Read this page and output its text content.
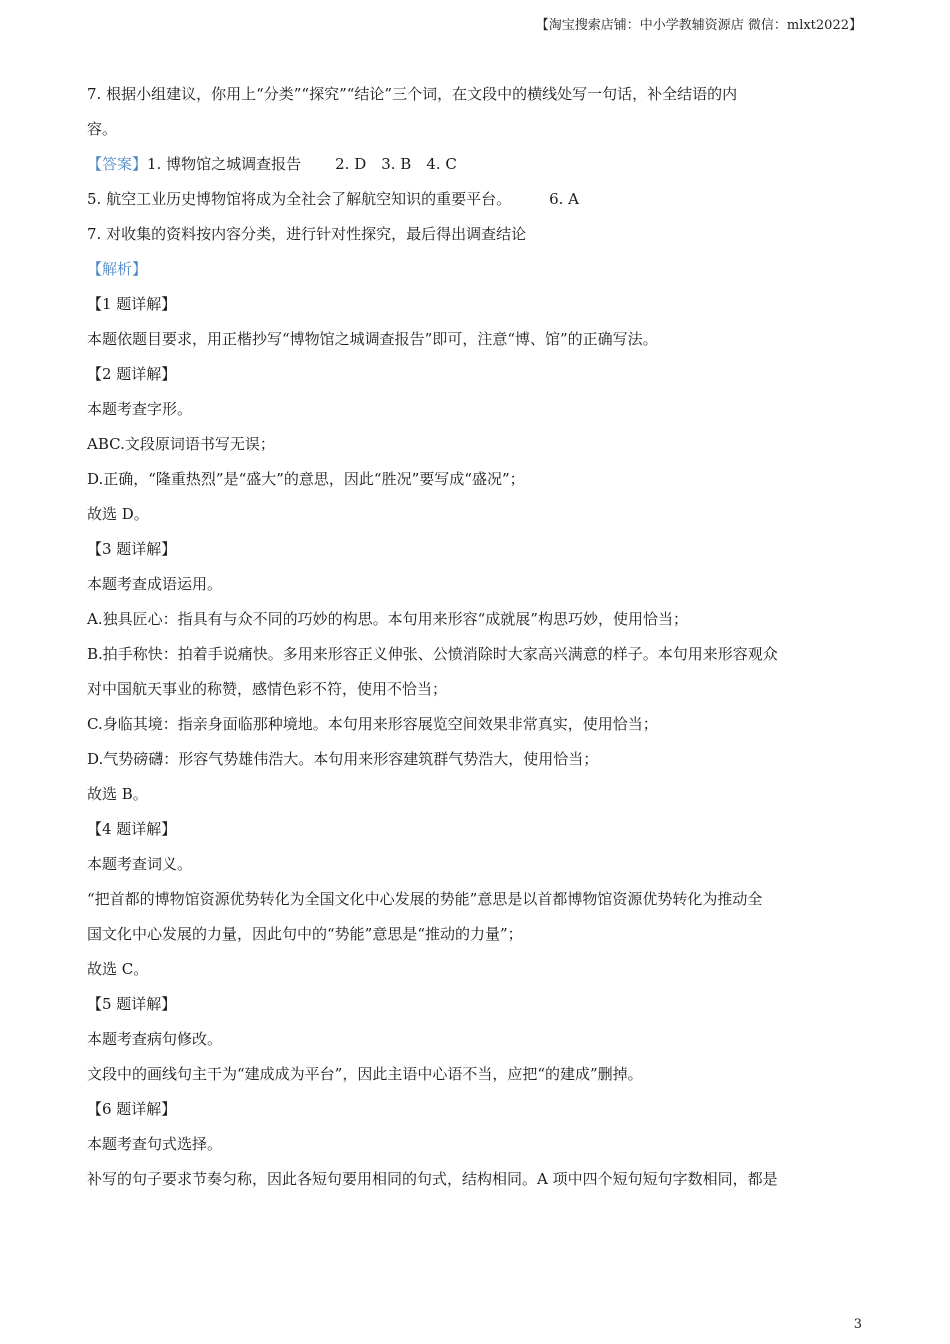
【淘宝搜索店铺：中小学教辅资源店 微信：mlxt2022】
7. 根据小组建议，你用上“分类”“探究”“结论”三个词，在文段中的横线处写一句话，补全结语的内
容。
【答案】1. 博物馆之城调查报告 2. D 3. B 4. C
5. 航空工业历史博物馆将成为全社会了解航空知识的重要平台。	6. A
7. 对收集的资料按内容分类，进行针对性探究，最后得出调查结论
【解析】
【1 题详解】
本题依题目要求，用正楷抄写“博物馆之城调查报告”即可，注意“博、馆”的正确写法。
【2 题详解】
本题考查字形。
ABC.文段原词语书写无误；
D.正确，“隆重热烈”是“盛大”的意思，因此“胜况”要写成“盛况”；
故选 D。
【3 题详解】
本题考查成语运用。
A.独具匠心：指具有与众不同的巧妙的构思。本句用来形容“成就展”构思巧妙，使用恰当；
B.拍手称快：拍着手说痛快。多用来形容正义伸张、公愤消除时大家高兴满意的样子。本句用来形容观众
对中国航天事业的称赞，感情色彩不符，使用不恰当；
C.身临其境：指亲身面临那种境地。本句用来形容展览空间效果非常真实，使用恰当；
D.气势磅礴：形容气势雄伟浩大。本句用来形容建筑群气势浩大，使用恰当；
故选 B。
【4 题详解】
本题考查词义。
“把首都的博物馆资源优势转化为全国文化中心发展的势能”意思是以首都博物馆资源优势转化为推动全
国文化中心发展的力量，因此句中的“势能”意思是“推动的力量”；
故选 C。
【5 题详解】
本题考查病句修改。
文段中的画线句主干为“建成成为平台”，因此主语中心语不当，应把“的建成”删掉。
【6 题详解】
本题考查句式选择。
补写的句子要求节奏匀称，因此各短句要用相同的句式，结构相同。A 项中四个短句短句字数相同，都是
3
